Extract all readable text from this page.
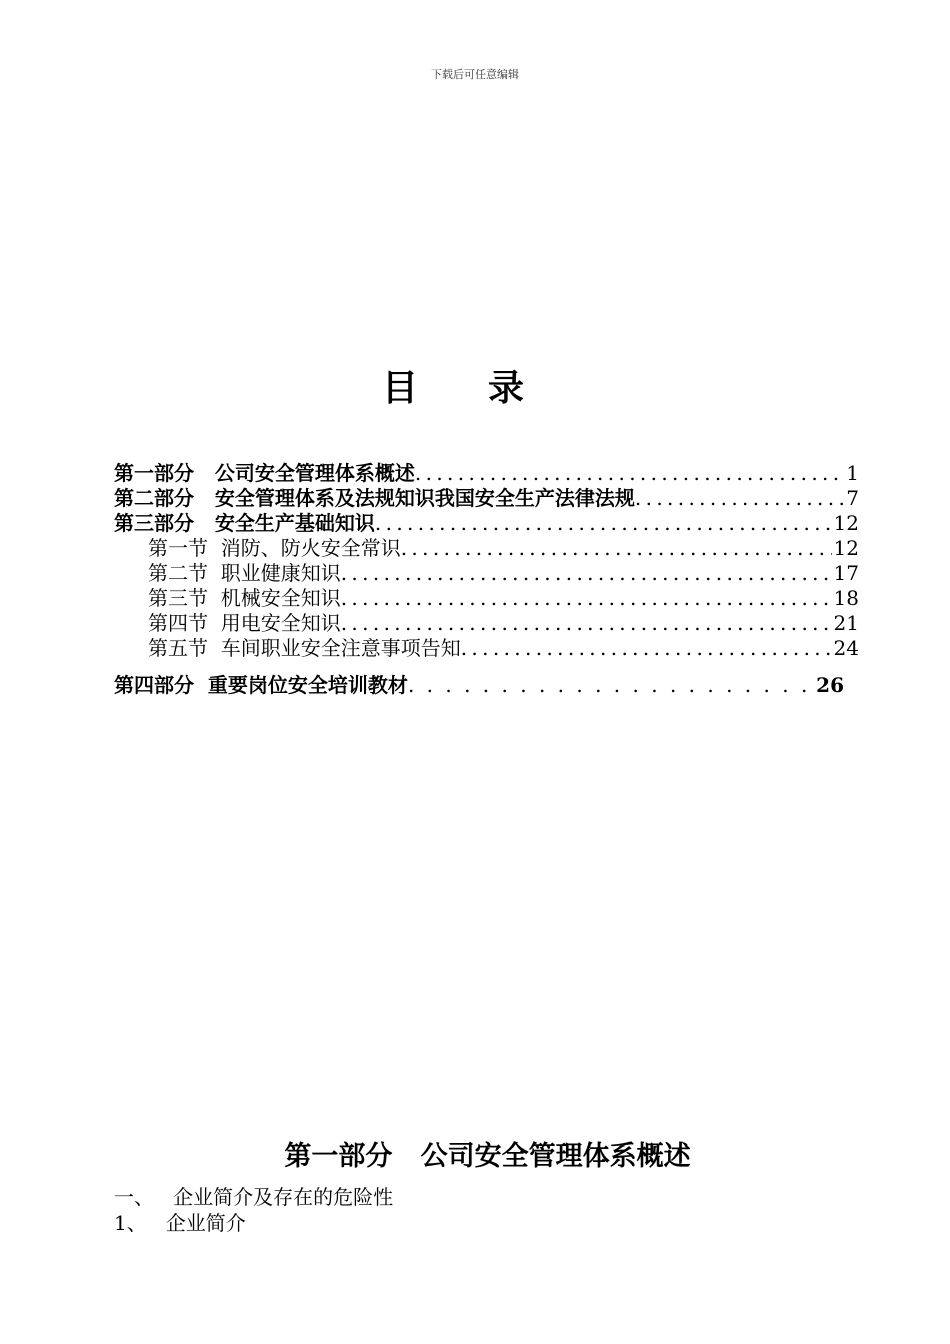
下载后可任意编辑
目录
第一部分   公司安全管理体系概述 . . .	1
第二部分   安全管理体系及法规知识我国安全生产法律法规 . . .	7
第三部分   安全生产基础知识 . . .	12
第一节  消防、防火安全常识 . . .	12
第二节  职业健康知识 . . .	17
第三节  机械安全知识 . . .	18
第四节  用电安全知识 . . .	21
第五节  车间职业安全注意事项告知 . . .	24
第四部分  重要岗位安全培训教材 . .	26
第一部分   公司安全管理体系概述
一、   企业简介及存在的危险性
1、   企业简介
